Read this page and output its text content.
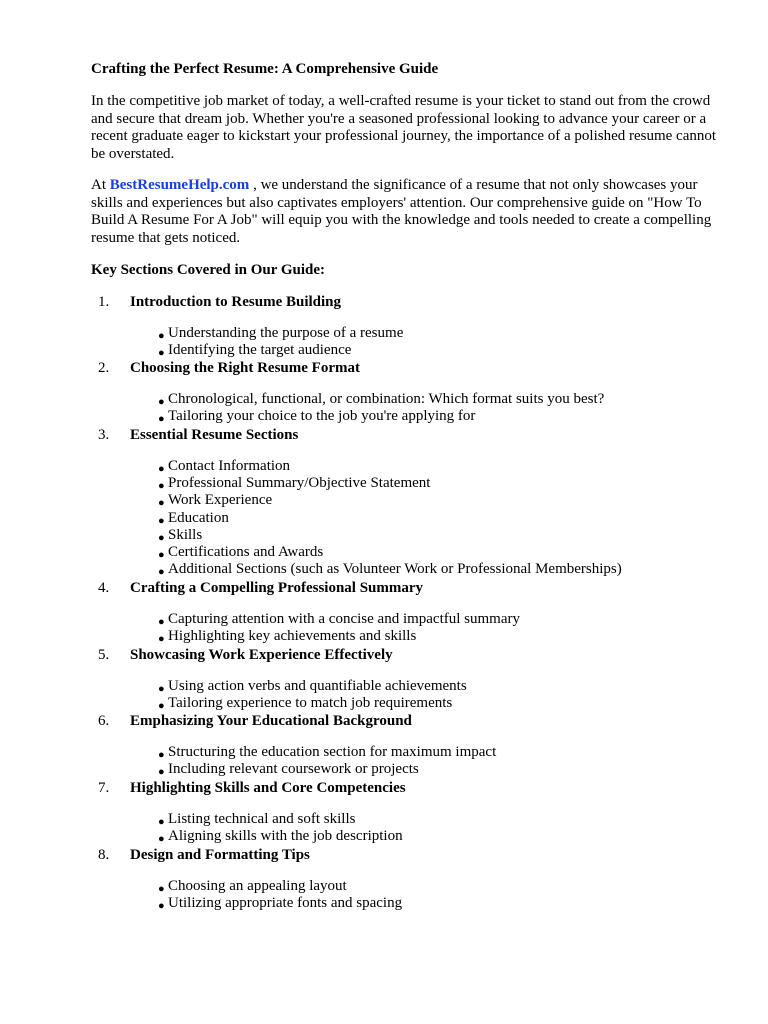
Crafting the Perfect Resume: A Comprehensive Guide
In the competitive job market of today, a well-crafted resume is your ticket to stand out from the crowd and secure that dream job. Whether you're a seasoned professional looking to advance your career or a recent graduate eager to kickstart your professional journey, the importance of a polished resume cannot be overstated.
At BestResumeHelp.com , we understand the significance of a resume that not only showcases your skills and experiences but also captivates employers' attention. Our comprehensive guide on "How To Build A Resume For A Job" will equip you with the knowledge and tools needed to create a compelling resume that gets noticed.
Key Sections Covered in Our Guide:
1.	Introduction to Resume Building
● Understanding the purpose of a resume
● Identifying the target audience
2.	Choosing the Right Resume Format
● Chronological, functional, or combination: Which format suits you best?
● Tailoring your choice to the job you're applying for
3.	Essential Resume Sections
● Contact Information
● Professional Summary/Objective Statement
● Work Experience
● Education
● Skills
● Certifications and Awards
● Additional Sections (such as Volunteer Work or Professional Memberships)
4.	Crafting a Compelling Professional Summary
● Capturing attention with a concise and impactful summary
● Highlighting key achievements and skills
5.	Showcasing Work Experience Effectively
● Using action verbs and quantifiable achievements
● Tailoring experience to match job requirements
6.	Emphasizing Your Educational Background
● Structuring the education section for maximum impact
● Including relevant coursework or projects
7.	Highlighting Skills and Core Competencies
● Listing technical and soft skills
● Aligning skills with the job description
8.	Design and Formatting Tips
● Choosing an appealing layout
● Utilizing appropriate fonts and spacing
